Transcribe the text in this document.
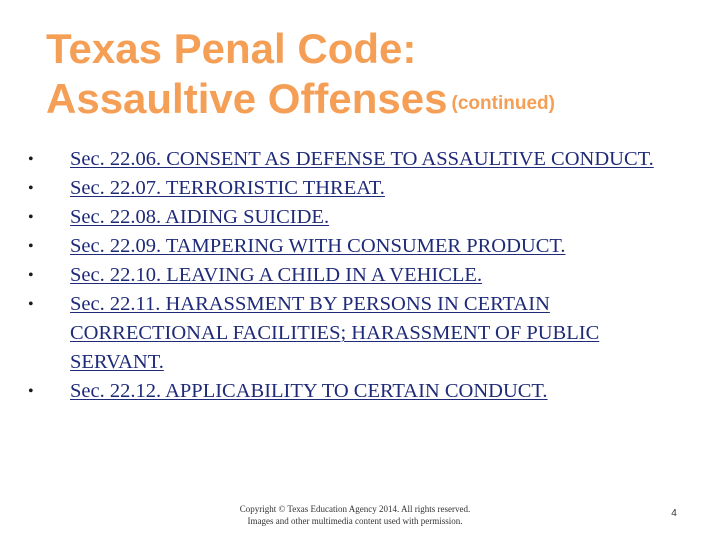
Texas Penal Code:
Assaultive Offenses (continued)
•	Sec. 22.06. CONSENT AS DEFENSE TO ASSAULTIVE CONDUCT.
•	Sec. 22.07. TERRORISTIC THREAT.
•	Sec. 22.08. AIDING SUICIDE.
•	Sec. 22.09. TAMPERING WITH CONSUMER PRODUCT.
•	Sec. 22.10. LEAVING A CHILD IN A VEHICLE.
•	Sec. 22.11. HARASSMENT BY PERSONS IN CERTAIN CORRECTIONAL FACILITIES; HARASSMENT OF PUBLIC SERVANT.
•	Sec. 22.12. APPLICABILITY TO CERTAIN CONDUCT.
Copyright © Texas Education Agency 2014. All rights reserved.
Images and other multimedia content used with permission.
4
